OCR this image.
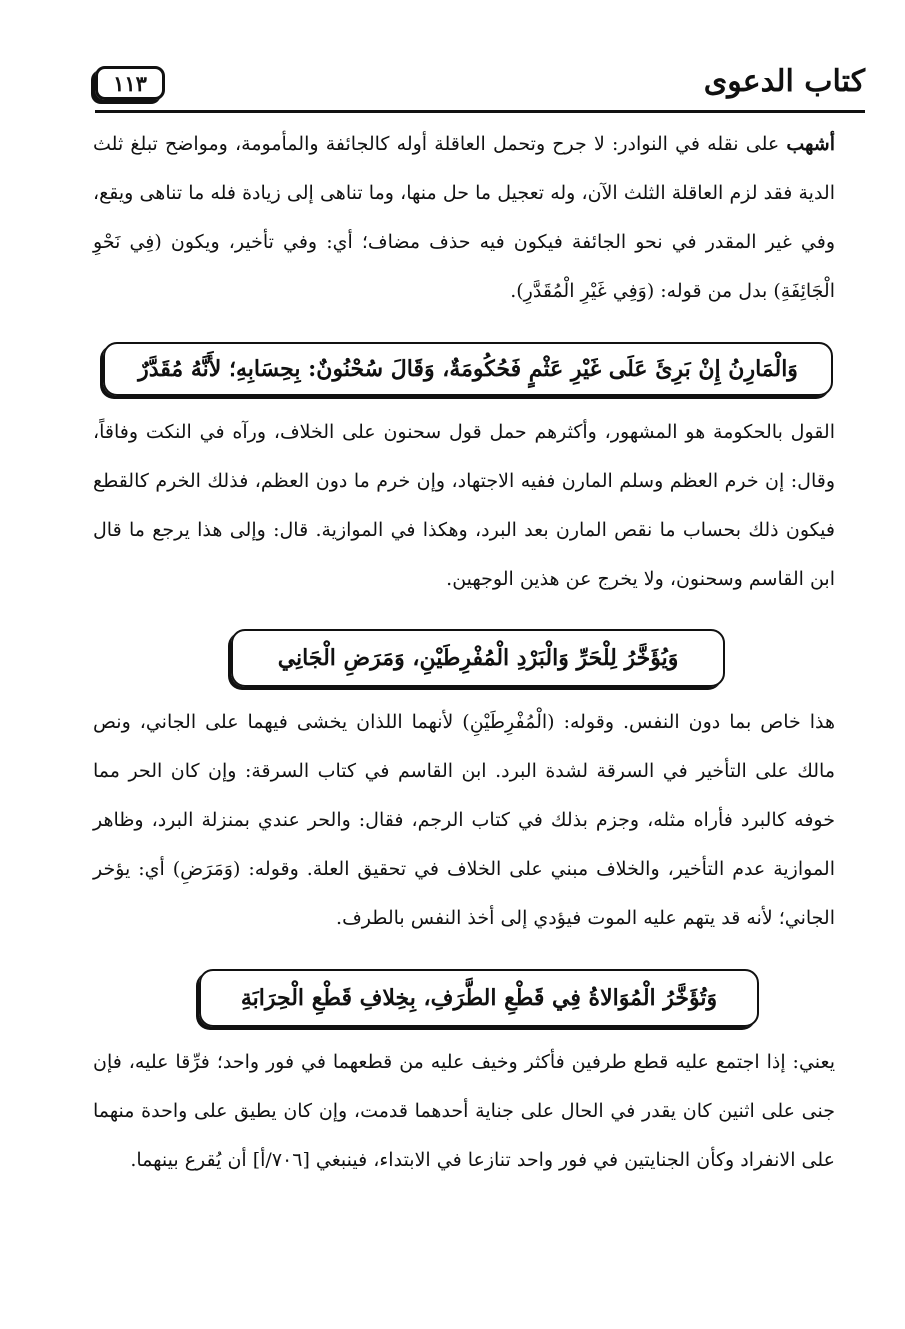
١١٣	كتاب الدعوى

أشهب على نقله في النوادر: لا جرح وتحمل العاقلة أوله كالجائفة والمأمومة، ومواضح تبلغ ثلث الدية فقد لزم العاقلة الثلث الآن، وله تعجيل ما حل منها، وما تناهى إلى زيادة فله ما تناهى ويقع، وفي غير المقدر في نحو الجائفة فيكون فيه حذف مضاف؛ أي: وفي تأخير، ويكون (فِي نَحْوِ الْجَائِفَةِ) بدل من قوله: (وَفِي غَيْرِ الْمُقَدَّرِ).

وَالْمَارِنُ إِنْ بَرِئَ عَلَى غَيْرِ عَثْمٍ فَحُكُومَةٌ، وَقَالَ سُحْنُونٌ: بِحِسَابِهِ؛ لأَنَّهُ مُقَدَّرٌ

القول بالحكومة هو المشهور، وأكثرهم حمل قول سحنون على الخلاف، ورآه في النكت وفاقاً، وقال: إن خرم العظم وسلم المارن ففيه الاجتهاد، وإن خرم ما دون العظم، فذلك الخرم كالقطع فيكون ذلك بحساب ما نقص المارن بعد البرد، وهكذا في الموازية. قال: وإلى هذا يرجع ما قال ابن القاسم وسحنون، ولا يخرج عن هذين الوجهين.

وَيُؤَخَّرُ لِلْحَرِّ وَالْبَرْدِ الْمُفْرِطَيْنِ، وَمَرَضِ الْجَانِي

هذا خاص بما دون النفس. وقوله: (الْمُفْرِطَيْنِ) لأنهما اللذان يخشى فيهما على الجاني، ونص مالك على التأخير في السرقة لشدة البرد. ابن القاسم في كتاب السرقة: وإن كان الحر مما خوفه كالبرد فأراه مثله، وجزم بذلك في كتاب الرجم، فقال: والحر عندي بمنزلة البرد، وظاهر الموازية عدم التأخير، والخلاف مبني على الخلاف في تحقيق العلة. وقوله: (وَمَرَضِ) أي: يؤخر الجاني؛ لأنه قد يتهم عليه الموت فيؤدي إلى أخذ النفس بالطرف.

وَتُؤَخَّرُ الْمُوَالاةُ فِي قَطْعِ الطَّرَفِ، بِخِلافِ قَطْعِ الْحِرَابَةِ

يعني: إذا اجتمع عليه قطع طرفين فأكثر وخيف عليه من قطعهما في فور واحد؛ فرِّقا عليه، فإن جنى على اثنين كان يقدر في الحال على جناية أحدهما قدمت، وإن كان يطيق على واحدة منهما على الانفراد وكأن الجنايتين في فور واحد تنازعا في الابتداء، فينبغي [٧٠٦/أ] أن يُقرع بينهما.
